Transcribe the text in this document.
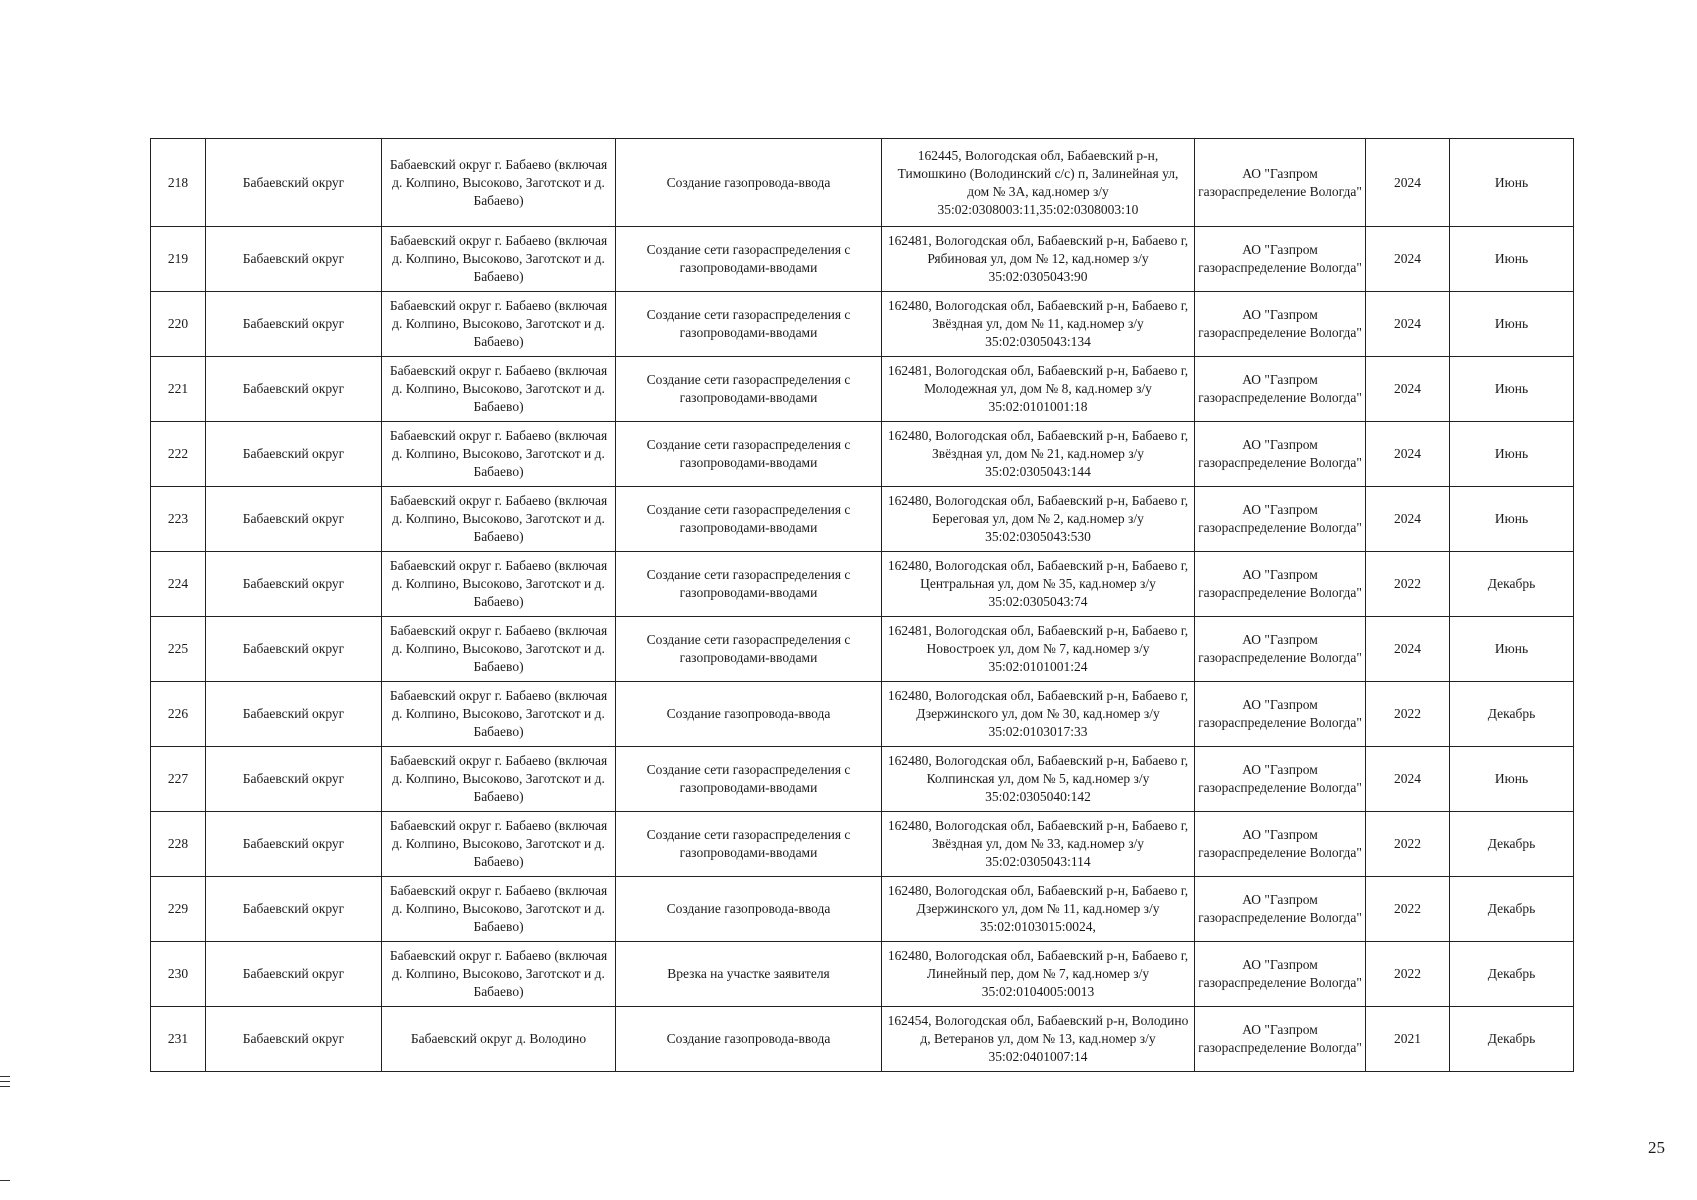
218	Бабаевский округ	Бабаевский округ г. Бабаево (включая д. Колпино, Высоково, Заготскот и д. Бабаево)	Создание газопровода-ввода	162445, Вологодская обл, Бабаевский р-н, Тимошкино (Володинский с/с) п, Залинейная ул, дом № 3А, кад.номер з/у 35:02:0308003:11,35:02:0308003:10	АО "Газпром газораспределение Вологда"	2024	Июнь
219	Бабаевский округ	Бабаевский округ г. Бабаево (включая д. Колпино, Высоково, Заготскот и д. Бабаево)	Создание сети газораспределения с газопроводами-вводами	162481, Вологодская обл, Бабаевский р-н, Бабаево г, Рябиновая ул, дом № 12, кад.номер з/у 35:02:0305043:90	АО "Газпром газораспределение Вологда"	2024	Июнь
220	Бабаевский округ	Бабаевский округ г. Бабаево (включая д. Колпино, Высоково, Заготскот и д. Бабаево)	Создание сети газораспределения с газопроводами-вводами	162480, Вологодская обл, Бабаевский р-н, Бабаево г, Звёздная ул, дом № 11, кад.номер з/у 35:02:0305043:134	АО "Газпром газораспределение Вологда"	2024	Июнь
221	Бабаевский округ	Бабаевский округ г. Бабаево (включая д. Колпино, Высоково, Заготскот и д. Бабаево)	Создание сети газораспределения с газопроводами-вводами	162481, Вологодская обл, Бабаевский р-н, Бабаево г, Молодежная ул, дом № 8, кад.номер з/у 35:02:0101001:18	АО "Газпром газораспределение Вологда"	2024	Июнь
222	Бабаевский округ	Бабаевский округ г. Бабаево (включая д. Колпино, Высоково, Заготскот и д. Бабаево)	Создание сети газораспределения с газопроводами-вводами	162480, Вологодская обл, Бабаевский р-н, Бабаево г, Звёздная ул, дом № 21, кад.номер з/у 35:02:0305043:144	АО "Газпром газораспределение Вологда"	2024	Июнь
223	Бабаевский округ	Бабаевский округ г. Бабаево (включая д. Колпино, Высоково, Заготскот и д. Бабаево)	Создание сети газораспределения с газопроводами-вводами	162480, Вологодская обл, Бабаевский р-н, Бабаево г, Береговая ул, дом № 2, кад.номер з/у 35:02:0305043:530	АО "Газпром газораспределение Вологда"	2024	Июнь
224	Бабаевский округ	Бабаевский округ г. Бабаево (включая д. Колпино, Высоково, Заготскот и д. Бабаево)	Создание сети газораспределения с газопроводами-вводами	162480, Вологодская обл, Бабаевский р-н, Бабаево г, Центральная ул, дом № 35, кад.номер з/у 35:02:0305043:74	АО "Газпром газораспределение Вологда"	2022	Декабрь
225	Бабаевский округ	Бабаевский округ г. Бабаево (включая д. Колпино, Высоково, Заготскот и д. Бабаево)	Создание сети газораспределения с газопроводами-вводами	162481, Вологодская обл, Бабаевский р-н, Бабаево г, Новостроек ул, дом № 7, кад.номер з/у 35:02:0101001:24	АО "Газпром газораспределение Вологда"	2024	Июнь
226	Бабаевский округ	Бабаевский округ г. Бабаево (включая д. Колпино, Высоково, Заготскот и д. Бабаево)	Создание газопровода-ввода	162480, Вологодская обл, Бабаевский р-н, Бабаево г, Дзержинского ул, дом № 30, кад.номер з/у 35:02:0103017:33	АО "Газпром газораспределение Вологда"	2022	Декабрь
227	Бабаевский округ	Бабаевский округ г. Бабаево (включая д. Колпино, Высоково, Заготскот и д. Бабаево)	Создание сети газораспределения с газопроводами-вводами	162480, Вологодская обл, Бабаевский р-н, Бабаево г, Колпинская ул, дом № 5, кад.номер з/у 35:02:0305040:142	АО "Газпром газораспределение Вологда"	2024	Июнь
228	Бабаевский округ	Бабаевский округ г. Бабаево (включая д. Колпино, Высоково, Заготскот и д. Бабаево)	Создание сети газораспределения с газопроводами-вводами	162480, Вологодская обл, Бабаевский р-н, Бабаево г, Звёздная ул, дом № 33, кад.номер з/у 35:02:0305043:114	АО "Газпром газораспределение Вологда"	2022	Декабрь
229	Бабаевский округ	Бабаевский округ г. Бабаево (включая д. Колпино, Высоково, Заготскот и д. Бабаево)	Создание газопровода-ввода	162480, Вологодская обл, Бабаевский р-н, Бабаево г, Дзержинского ул, дом № 11, кад.номер з/у 35:02:0103015:0024,	АО "Газпром газораспределение Вологда"	2022	Декабрь
230	Бабаевский округ	Бабаевский округ г. Бабаево (включая д. Колпино, Высоково, Заготскот и д. Бабаево)	Врезка на участке заявителя	162480, Вологодская обл, Бабаевский р-н, Бабаево г, Линейный пер, дом № 7, кад.номер з/у 35:02:0104005:0013	АО "Газпром газораспределение Вологда"	2022	Декабрь
231	Бабаевский округ	Бабаевский округ д. Володино	Создание газопровода-ввода	162454, Вологодская обл, Бабаевский р-н, Володино д, Ветеранов ул, дом № 13, кад.номер з/у 35:02:0401007:14	АО "Газпром газораспределение Вологда"	2021	Декабрь
25
